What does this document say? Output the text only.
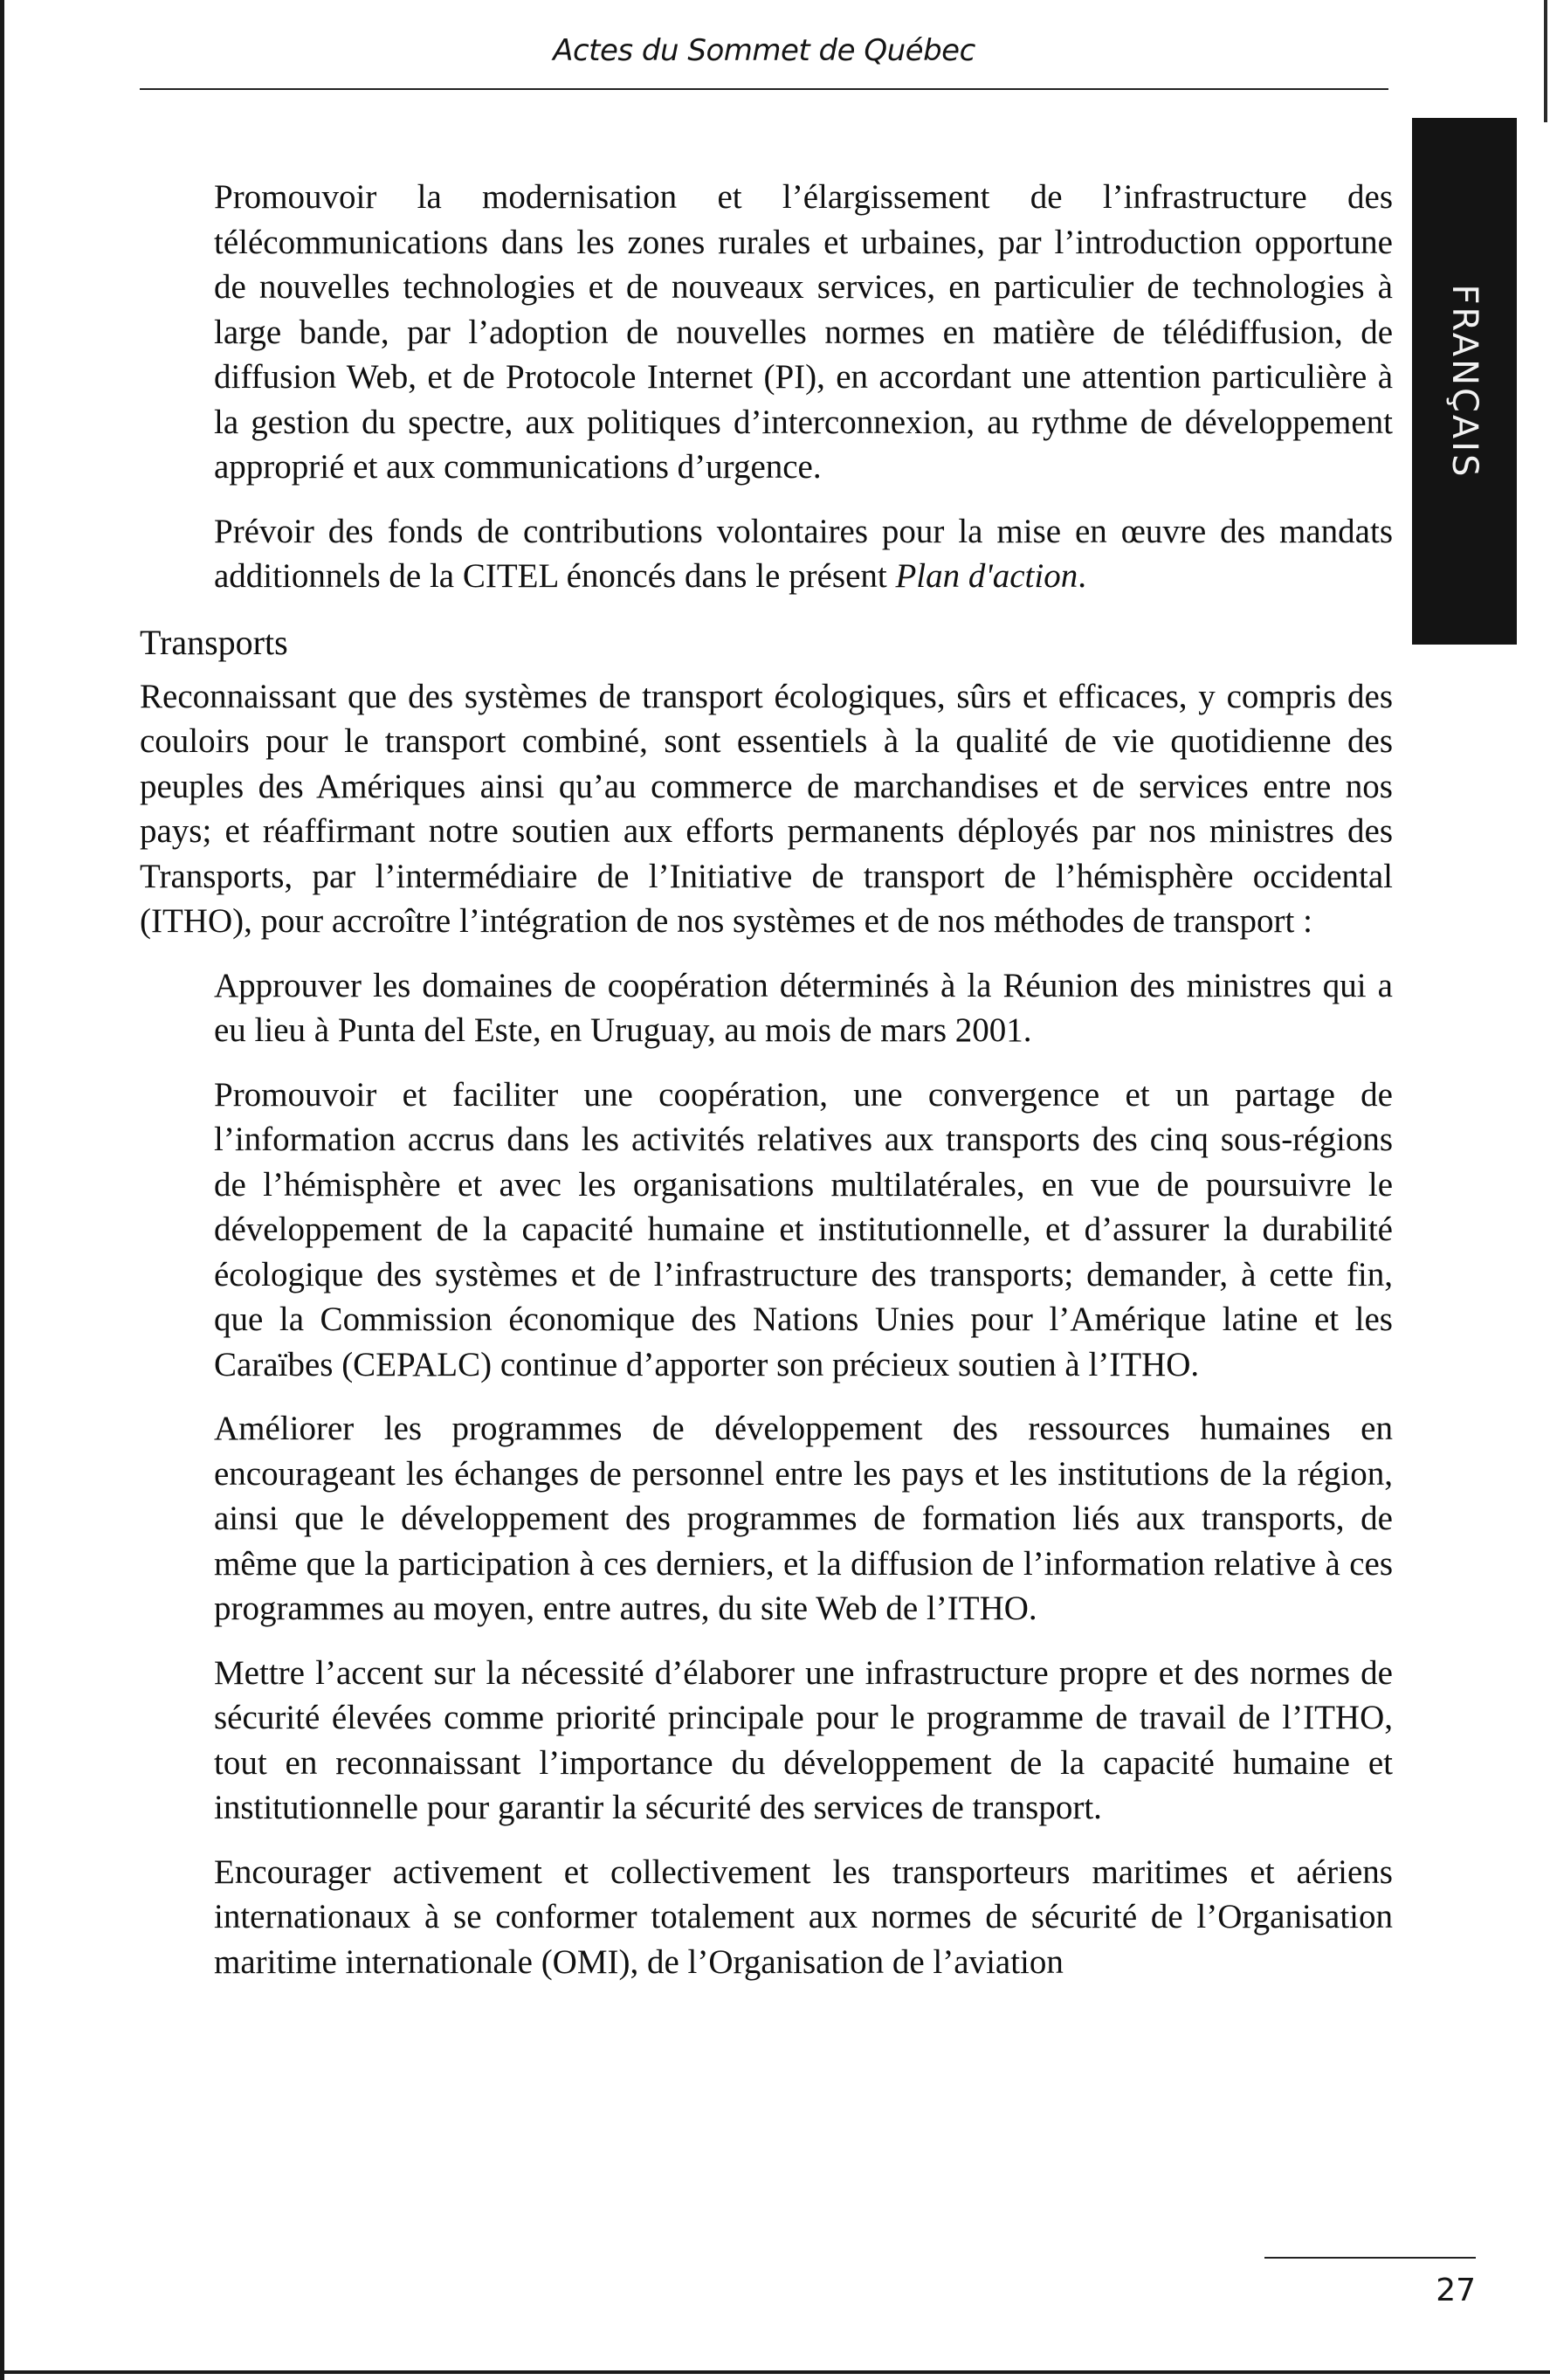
Actes du Sommet de Québec
FRANÇAIS

Promouvoir la modernisation et l’élargissement de l’infrastructure des télécommunications dans les zones rurales et urbaines, par l’introduction opportune de nouvelles technologies et de nouveaux services, en particulier de technologies à large bande, par l’adoption de nouvelles normes en matière de télédiffusion, de diffusion Web, et de Protocole Internet (PI), en accordant une attention particulière à la gestion du spectre, aux politiques d’interconnexion, au rythme de développement approprié et aux communications d’urgence.

Prévoir des fonds de contributions volontaires pour la mise en œuvre des mandats additionnels de la CITEL énoncés dans le présent Plan d'action.

Transports

Reconnaissant que des systèmes de transport écologiques, sûrs et efficaces, y compris des couloirs pour le transport combiné, sont essentiels à la qualité de vie quotidienne des peuples des Amériques ainsi qu’au commerce de marchandises et de services entre nos pays; et réaffirmant notre soutien aux efforts permanents déployés par nos ministres des Transports, par l’intermédiaire de l’Initiative de transport de l’hémisphère occidental (ITHO), pour accroître l’intégration de nos systèmes et de nos méthodes de transport :

Approuver les domaines de coopération déterminés à la Réunion des ministres qui a eu lieu à Punta del Este, en Uruguay, au mois de mars 2001.

Promouvoir et faciliter une coopération, une convergence et un partage de l’information accrus dans les activités relatives aux transports des cinq sous-régions de l’hémisphère et avec les organisations multilatérales, en vue de poursuivre le développement de la capacité humaine et institutionnelle, et d’assurer la durabilité écologique des systèmes et de l’infrastructure des transports; demander, à cette fin, que la Commission économique des Nations Unies pour l’Amérique latine et les Caraïbes (CEPALC) continue d’apporter son précieux soutien à l’ITHO.

Améliorer les programmes de développement des ressources humaines en encourageant les échanges de personnel entre les pays et les institutions de la région, ainsi que le développement des programmes de formation liés aux transports, de même que la participation à ces derniers, et la diffusion de l’information relative à ces programmes au moyen, entre autres, du site Web de l’ITHO.

Mettre l’accent sur la nécessité d’élaborer une infrastructure propre et des normes de sécurité élevées comme priorité principale pour le programme de travail de l’ITHO, tout en reconnaissant l’importance du développement de la capacité humaine et institutionnelle pour garantir la sécurité des services de transport.

Encourager activement et collectivement les transporteurs maritimes et aériens internationaux à se conformer totalement aux normes de sécurité de l’Organisation maritime internationale (OMI), de l’Organisation de l’aviation

27
